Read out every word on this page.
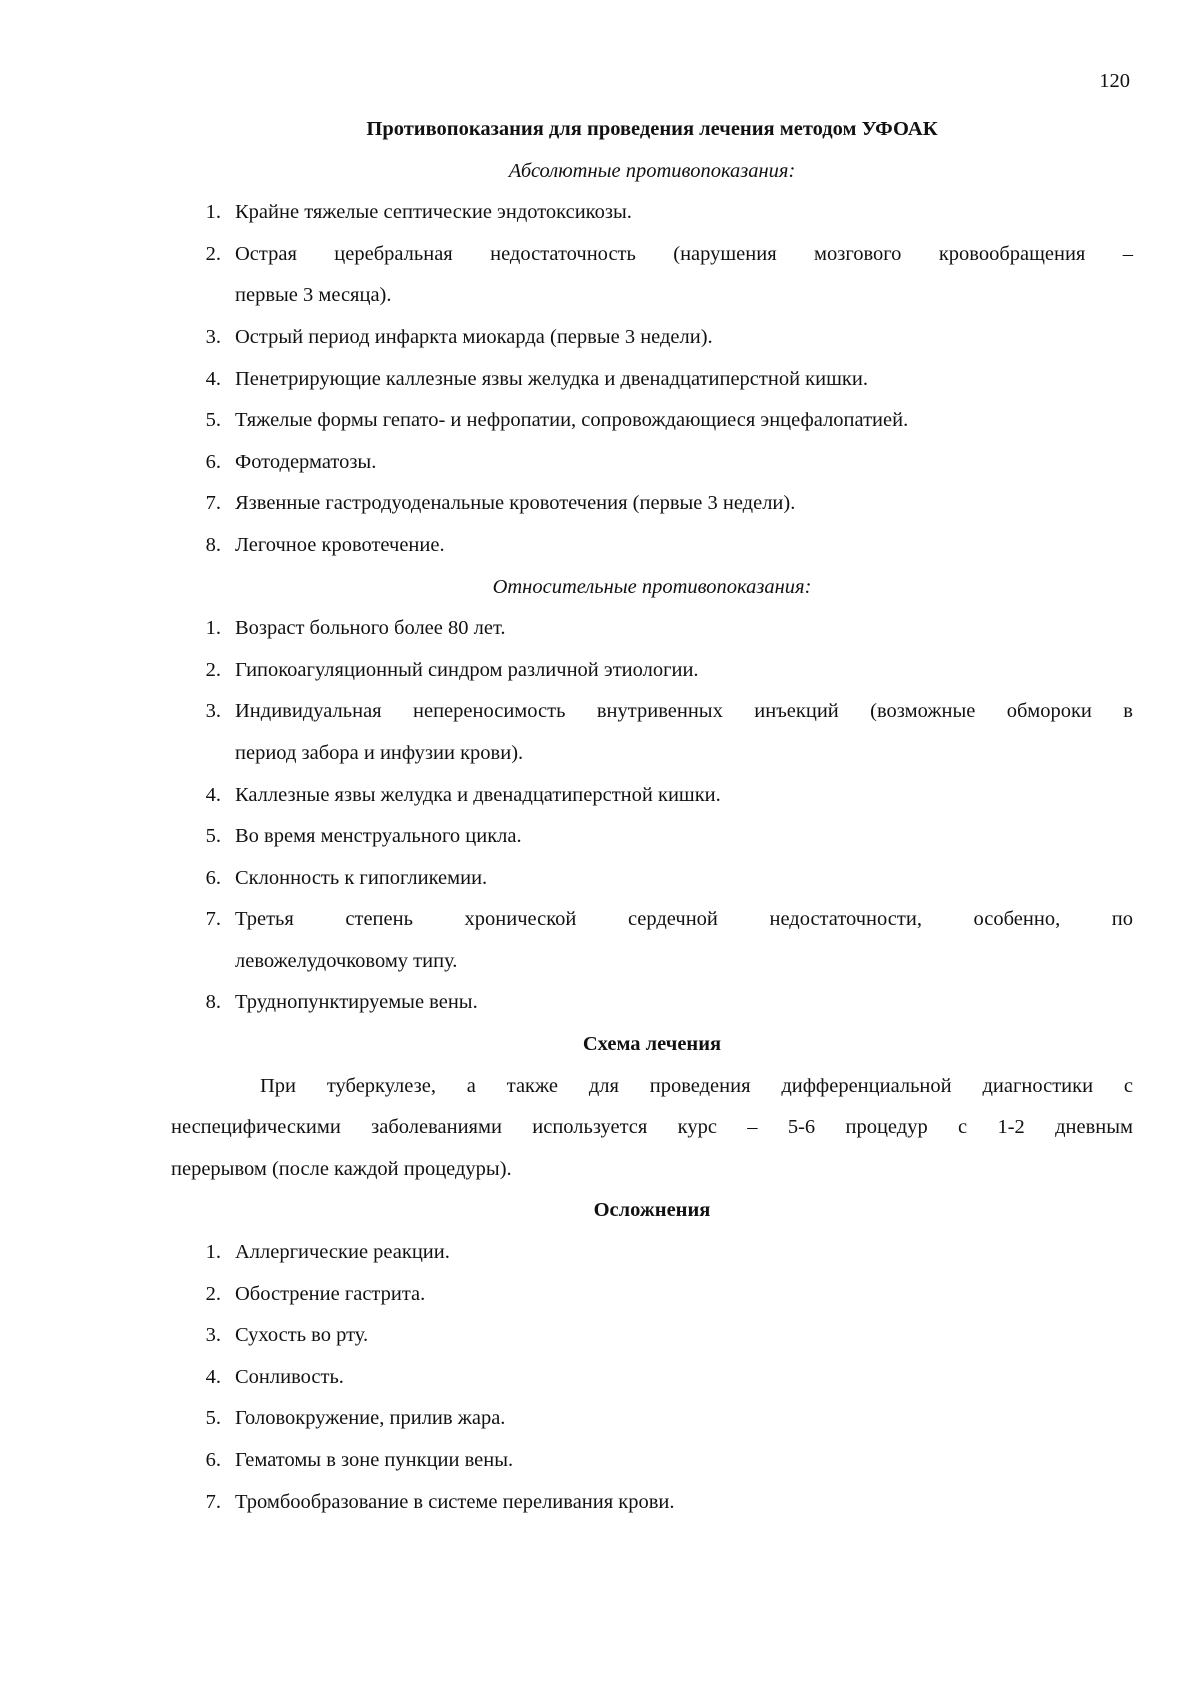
120
Противопоказания для проведения лечения методом УФОАК
Абсолютные противопоказания:
1. Крайне тяжелые септические эндотоксикозы.
2. Острая церебральная недостаточность (нарушения мозгового кровообращения –
первые 3 месяца).
3. Острый период инфаркта миокарда (первые 3 недели).
4. Пенетрирующие каллезные язвы желудка и двенадцатиперстной кишки.
5. Тяжелые формы гепато- и нефропатии, сопровождающиеся энцефалопатией.
6. Фотодерматозы.
7. Язвенные гастродуоденальные кровотечения (первые 3 недели).
8. Легочное кровотечение.
Относительные противопоказания:
1. Возраст больного более 80 лет.
2. Гипокоагуляционный синдром различной этиологии.
3. Индивидуальная непереносимость внутривенных инъекций (возможные обмороки в
период забора и инфузии крови).
4. Каллезные язвы желудка и двенадцатиперстной кишки.
5. Во время менструального цикла.
6. Склонность к гипогликемии.
7. Третья степень хронической сердечной недостаточности, особенно, по
левожелудочковому типу.
8. Труднопунктируемые вены.
Схема лечения
При туберкулезе, а также для проведения дифференциальной диагностики с
неспецифическими заболеваниями используется курс – 5-6 процедур с 1-2 дневным
перерывом (после каждой процедуры).
Осложнения
1. Аллергические реакции.
2. Обострение гастрита.
3. Сухость во рту.
4. Сонливость.
5. Головокружение, прилив жара.
6. Гематомы в зоне пункции вены.
7. Тромбообразование в системе переливания крови.
